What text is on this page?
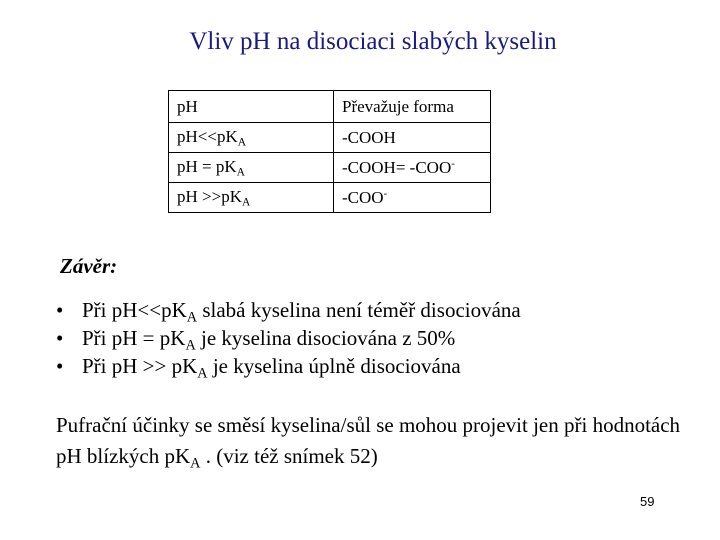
Vliv pH na disociaci slabých kyselin
pH	Převažuje forma
$pH<<pK_A$	-COOH
pH = $pK_A$	-COOH= -COO-
pH $>>pK_A$	-COO-
Závěr:
• Při $pH<<pK_A$ slabá kyselina není téměř disociována
• Při pH = $pK_A$ je kyselina disociována z 50%
• Při pH >> $pK_A$ je kyselina úplně disociována
Pufrační účinky se směsí kyselina/sůl se mohou projevit jen při hodnotách pH blízkých $pK_A$ . (viz též snímek 52)
59
